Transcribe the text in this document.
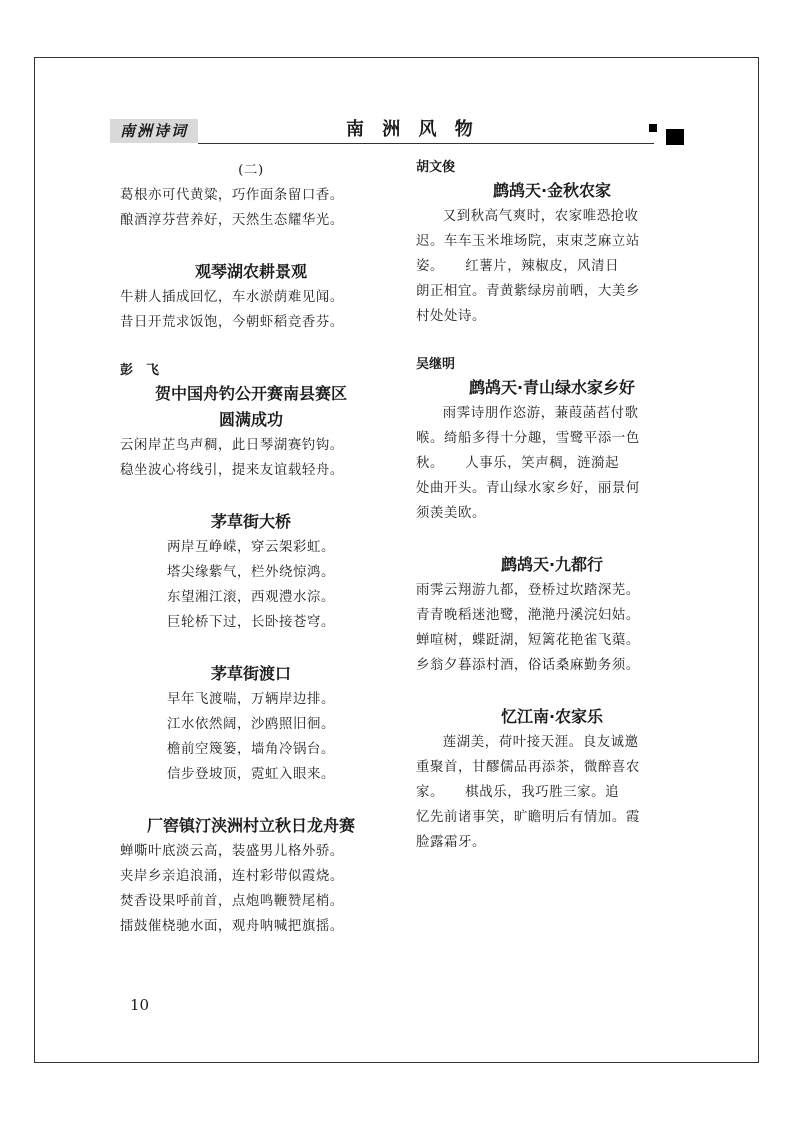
南洲诗词	南 洲 风 物

(二)

葛根亦可代黄粱，巧作面条留口香。

酿酒淳芬营养好，天然生态耀华光。

观琴湖农耕景观

牛耕人插成回忆，车水淤荫难见闻。

昔日开荒求饭饱，今朝虾稻竞香芬。

彭　飞

贺中国舟钓公开赛南县赛区

圆满成功

云闲岸芷鸟声稠，此日琴湖赛钓钩。

稳坐波心将线引，提来友谊载轻舟。

茅草街大桥

两岸互峥嵘，穿云架彩虹。

塔尖缘紫气，栏外绕惊鸿。

东望湘江滚，西观澧水淙。

巨轮桥下过，长卧接苍穹。

茅草街渡口

早年飞渡喘，万辆岸边排。

江水依然阔，沙鸥照旧徊。

檐前空篾篓，墙角冷锅台。

信步登坡顶，霓虹入眼来。

厂窖镇汀浃洲村立秋日龙舟赛

蝉嘶叶底淡云高，装盛男儿格外骄。

夹岸乡亲追浪涌，连村彩带似霞烧。

焚香设果呼前首，点炮鸣鞭赞尾梢。

擂鼓催桡驰水面，观舟呐喊把旗摇。

胡文俊

鹧鸪天·金秋农家

又到秋高气爽时，农家唯恐抢收

迟。车车玉米堆场院，束束芝麻立站

姿。　　红薯片，辣椒皮，风清日

朗正相宜。青黄紫绿房前晒，大美乡

村处处诗。

吴继明

鹧鸪天·青山绿水家乡好

雨霁诗朋作恣游，蒹葭菡萏付歌

喉。绮船多得十分趣，雪鹭平添一色

秋。　　人事乐，笑声稠，涟漪起

处曲开头。青山绿水家乡好，丽景何

须羡美欧。

鹧鸪天·九都行

雨霁云翔游九都，登桥过坎踏深芜。

青青晚稻迷池鹭，滟滟丹溪浣妇姑。

蝉喧树，蝶跹湖，短篱花艳雀飞蕖。

乡翁夕暮添村酒，俗话桑麻勤务须。

忆江南·农家乐

莲湖美，荷叶接天涯。良友诚邀

重聚首，甘醪儒品再添茶，微醉喜农

家。　　棋战乐，我巧胜三家。追

忆先前诸事笑，旷瞻明后有情加。霞

脸露霜牙。

10
